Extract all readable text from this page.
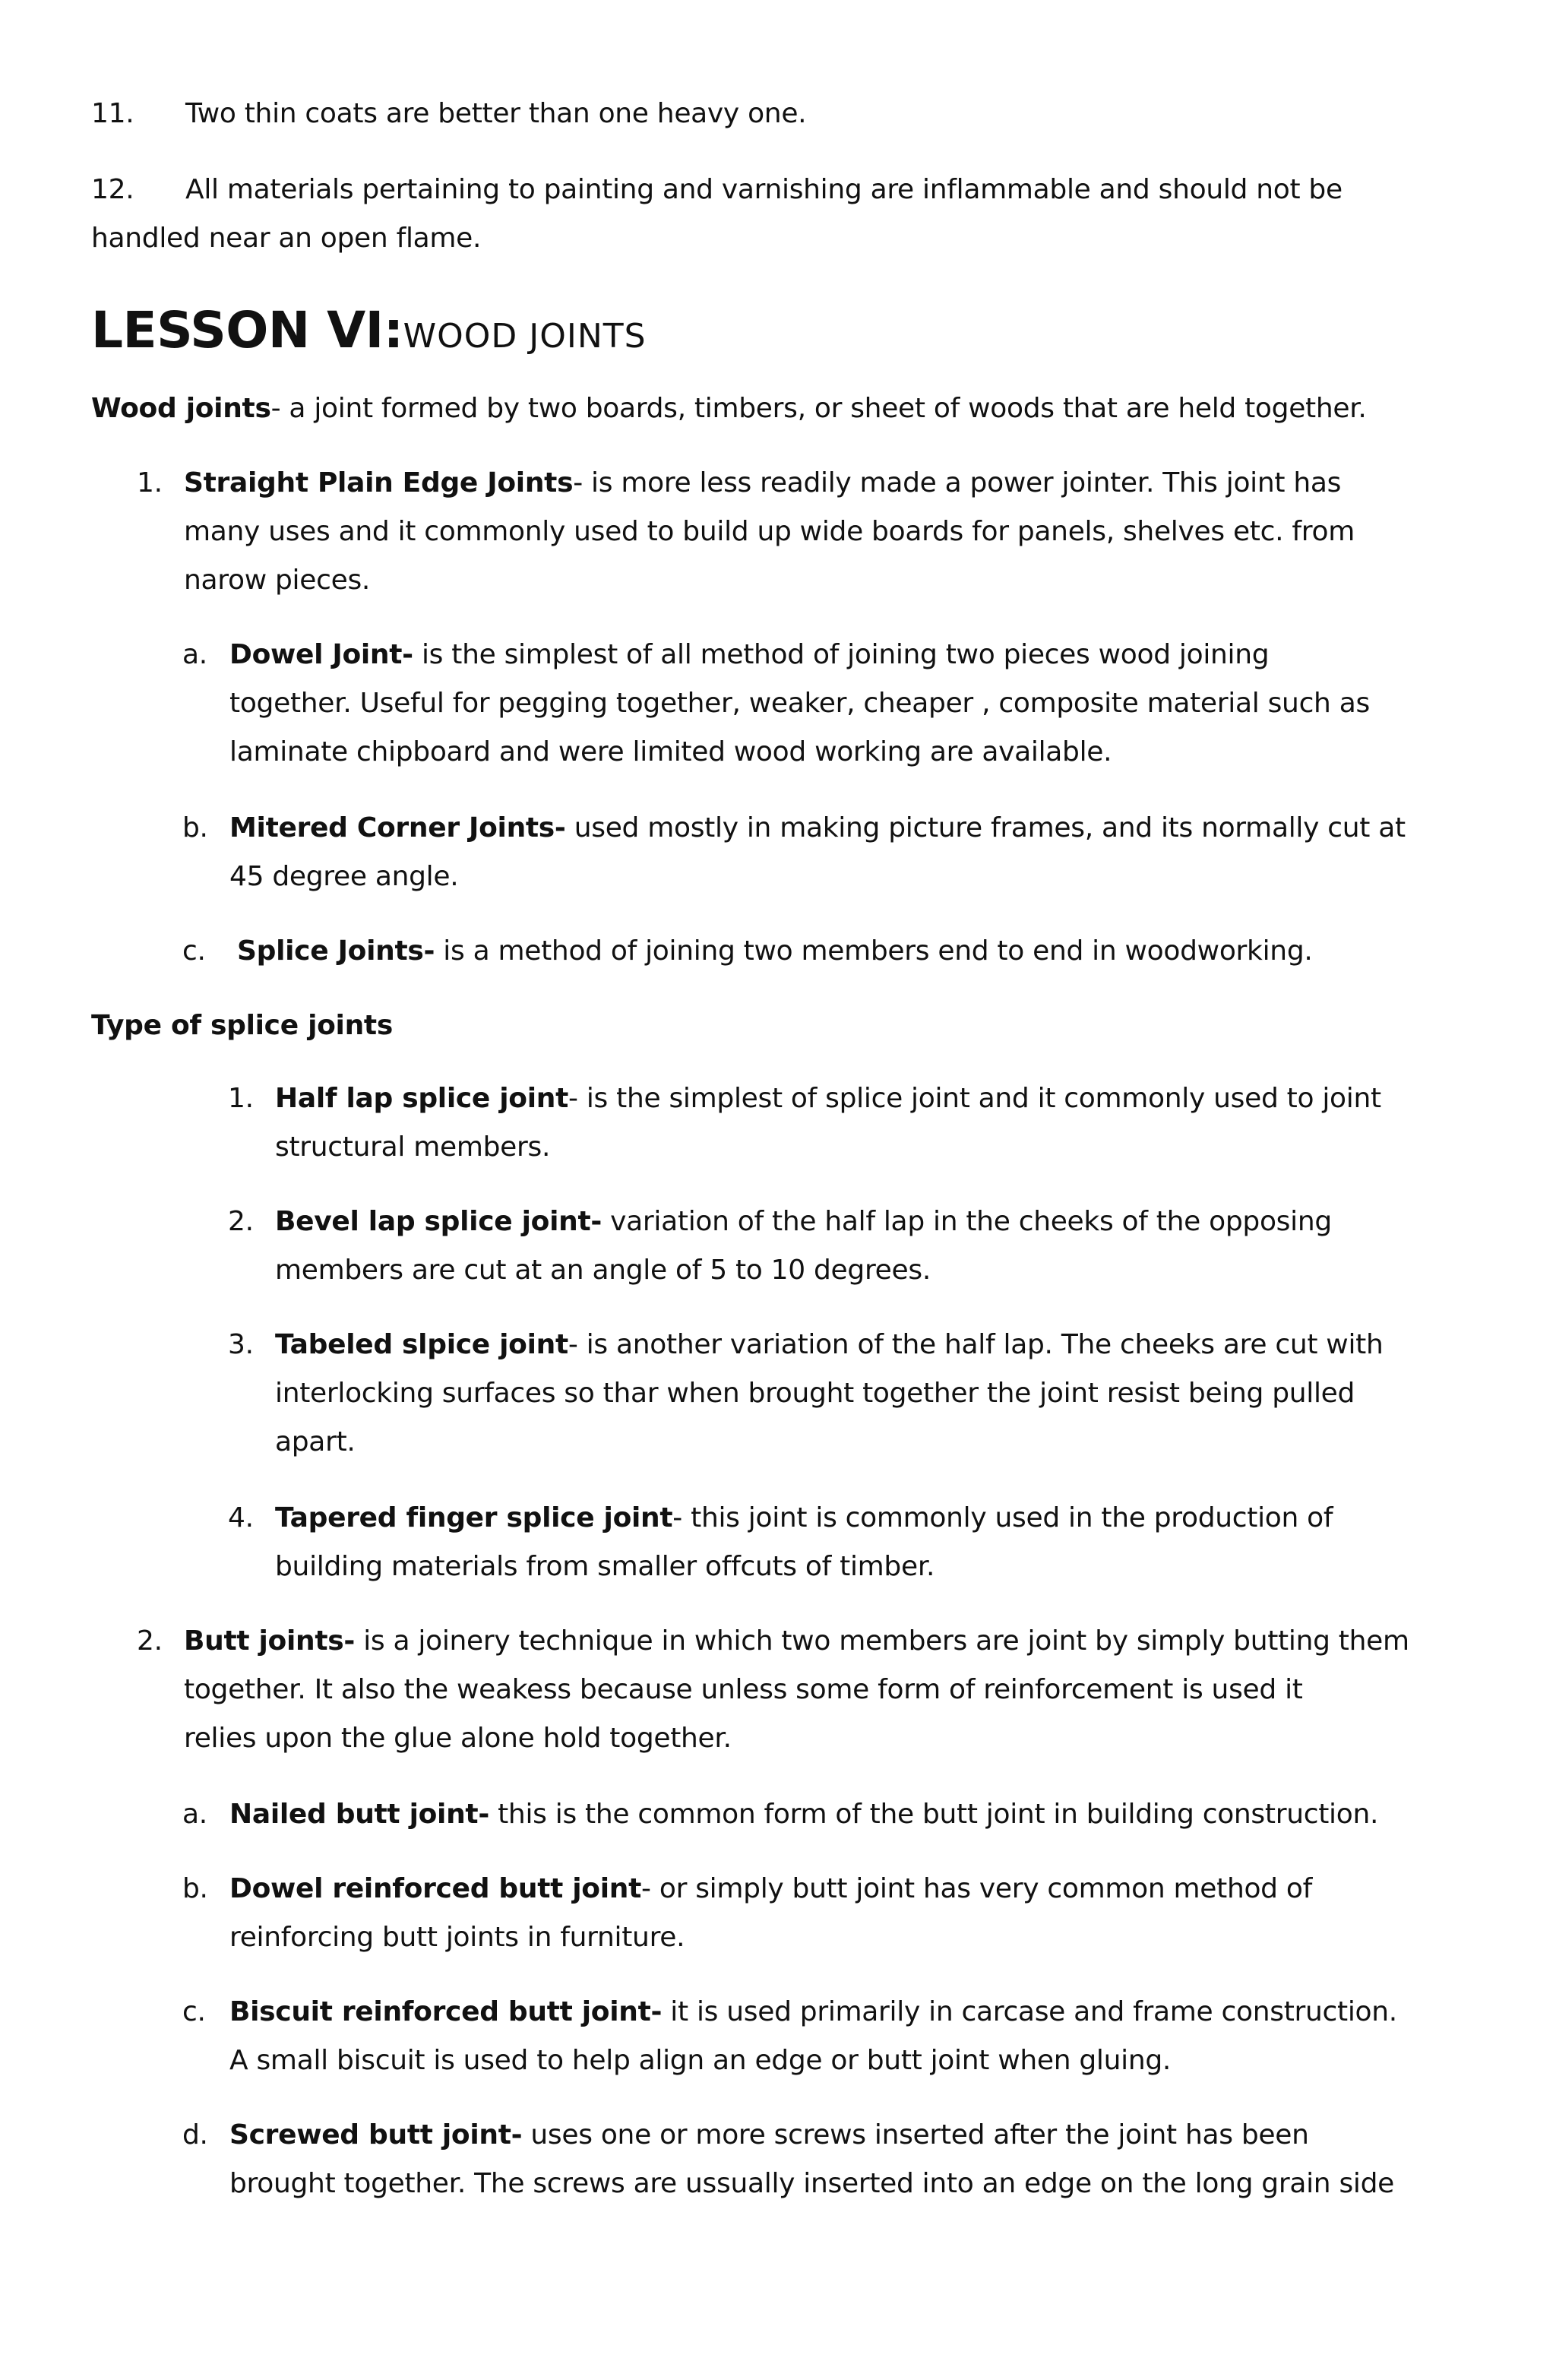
11. Two thin coats are better than one heavy one.
12. All materials pertaining to painting and varnishing are inflammable and should not be
handled near an open flame.
LESSON VI:WOOD JOINTS
Wood joints- a joint formed by two boards, timbers, or sheet of woods that are held together.
1. Straight Plain Edge Joints- is more less readily made a power jointer. This joint has
many uses and it commonly used to build up wide boards for panels, shelves etc. from
narow pieces.
a. Dowel Joint- is the simplest of all method of joining two pieces wood joining
together. Useful for pegging together, weaker, cheaper , composite material such as
laminate chipboard and were limited wood working are available.
b. Mitered Corner Joints- used mostly in making picture frames, and its normally cut at
45 degree angle.
c. Splice Joints- is a method of joining two members end to end in woodworking.
Type of splice joints
1. Half lap splice joint- is the simplest of splice joint and it commonly used to joint
structural members.
2. Bevel lap splice joint- variation of the half lap in the cheeks of the opposing
members are cut at an angle of 5 to 10 degrees.
3. Tabeled slpice joint- is another variation of the half lap. The cheeks are cut with
interlocking surfaces so thar when brought together the joint resist being pulled
apart.
4. Tapered finger splice joint- this joint is commonly used in the production of
building materials from smaller offcuts of timber.
2. Butt joints- is a joinery technique in which two members are joint by simply butting them
together. It also the weakess because unless some form of reinforcement is used it
relies upon the glue alone hold together.
a. Nailed butt joint- this is the common form of the butt joint in building construction.
b. Dowel reinforced butt joint- or simply butt joint has very common method of
reinforcing butt joints in furniture.
c. Biscuit reinforced butt joint- it is used primarily in carcase and frame construction.
A small biscuit is used to help align an edge or butt joint when gluing.
d. Screwed butt joint- uses one or more screws inserted after the joint has been
brought together. The screws are ussually inserted into an edge on the long grain side
